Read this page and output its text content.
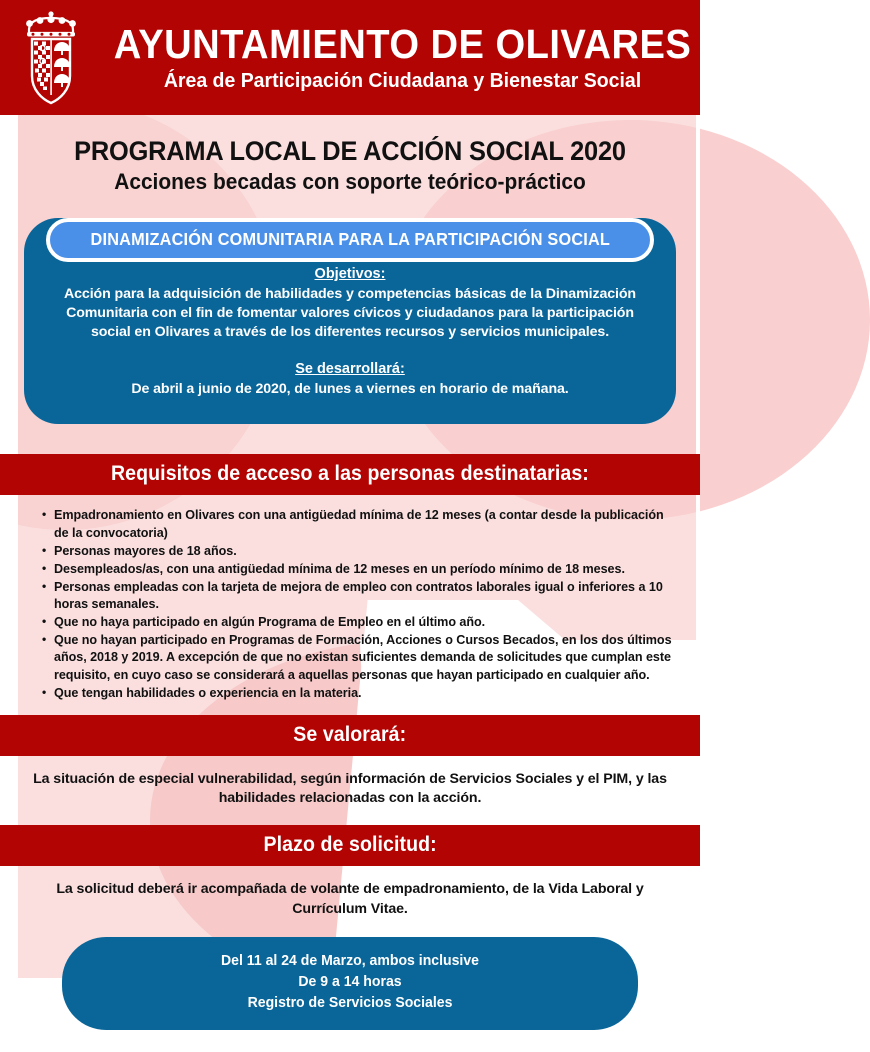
AYUNTAMIENTO DE OLIVARES
Área de Participación Ciudadana y Bienestar Social
PROGRAMA LOCAL DE ACCIÓN SOCIAL 2020
Acciones becadas con soporte teórico-práctico
DINAMIZACIÓN COMUNITARIA PARA LA PARTICIPACIÓN SOCIAL
Objetivos:
Acción para la adquisición de habilidades y competencias básicas de la Dinamización Comunitaria con el fin de fomentar valores cívicos y ciudadanos para la participación social en Olivares a través de los diferentes recursos y servicios municipales.
Se desarrollará:
De abril a junio de 2020, de lunes a viernes en horario de mañana.
Requisitos de acceso a las personas destinatarias:
• Empadronamiento en Olivares con una antigüedad mínima de 12 meses (a contar desde la publicación de la convocatoria)
• Personas mayores de 18 años.
• Desempleados/as, con una antigüedad mínima de 12 meses en un período mínimo de 18 meses.
• Personas empleadas con la tarjeta de mejora de empleo con contratos laborales igual o inferiores a 10 horas semanales.
• Que no haya participado en algún Programa de Empleo en el último año.
• Que no hayan participado en Programas de Formación, Acciones o Cursos Becados, en los dos últimos años, 2018 y 2019. A excepción de que no existan suficientes demanda de solicitudes que cumplan este requisito, en cuyo caso se considerará a aquellas personas que hayan participado en cualquier año.
• Que tengan habilidades o experiencia en la materia.
Se valorará:
La situación de especial vulnerabilidad, según información de Servicios Sociales y el PIM, y las habilidades relacionadas con la acción.
Plazo de solicitud:
La solicitud deberá ir acompañada de volante de empadronamiento, de la Vida Laboral y Currículum Vitae.
Del 11 al 24 de Marzo, ambos inclusive
De 9 a 14 horas
Registro de Servicios Sociales
